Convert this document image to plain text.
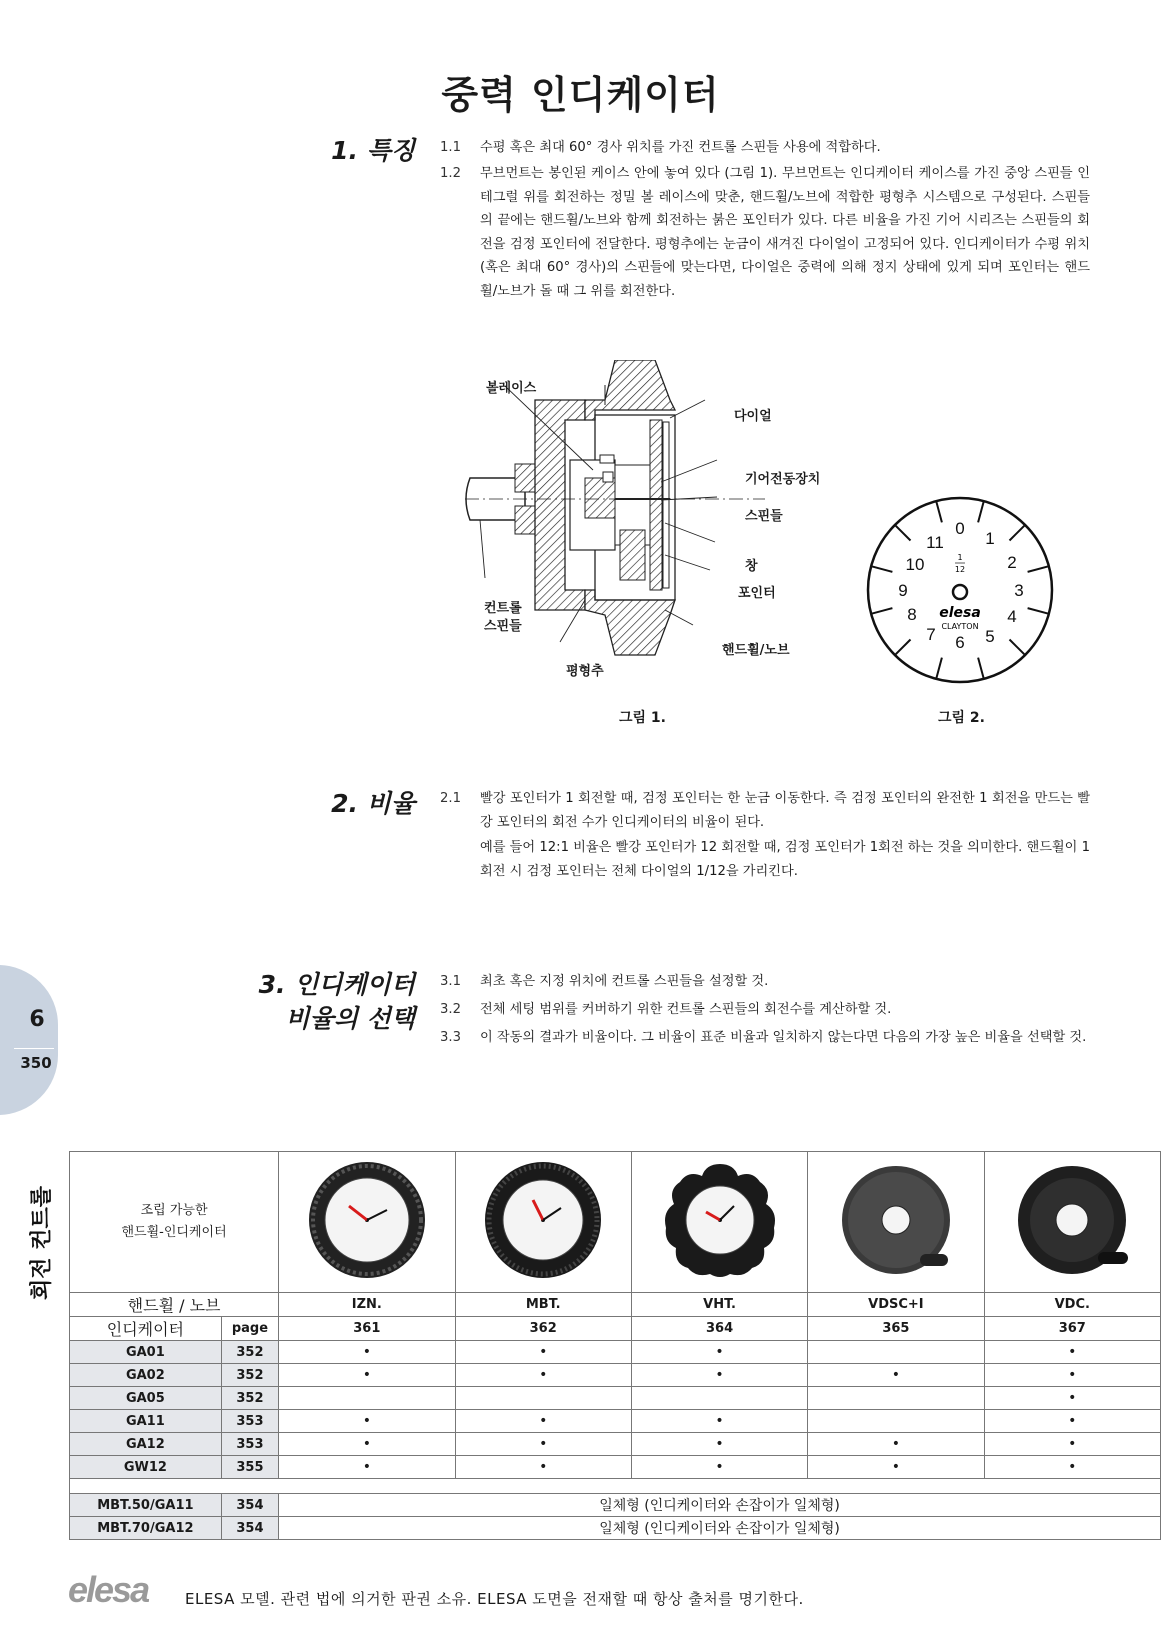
중력 인디케이터
1. 특징 1.1	수평 혹은 최대 60° 경사 위치를 가진 컨트롤 스핀들 사용에 적합하다.
1.2	무브먼트는 봉인된 케이스 안에 놓여 있다 (그림 1). 무브먼트는 인디케이터 케이스를 가진 중앙 스핀들 인테그럴 위를 회전하는 정밀 볼 레이스에 맞춘, 핸드휠/노브에 적합한 평형추 시스템으로 구성된다. 스핀들의 끝에는 핸드휠/노브와 함께 회전하는 붉은 포인터가 있다. 다른 비율을 가진 기어 시리즈는 스핀들의 회전을 검정 포인터에 전달한다. 평형추에는 눈금이 새겨진 다이얼이 고정되어 있다. 인디케이터가 수평 위치 (혹은 최대 60° 경사)의 스핀들에 맞는다면, 다이얼은 중력에 의해 정지 상태에 있게 되며 포인터는 핸드휠/노브가 돌 때 그 위를 회전한다.
볼레이스
다이얼
기어전동장치
스핀들
창
포인터
핸드휠/노브
컨트롤
스핀들
평형추
그림 1.
0
1
2
3
4
5
6
7
8
9
10
11
1
12
elesa
CLAYTON
그림 2.
2. 비율 2.1	빨강 포인터가 1 회전할 때, 검정 포인터는 한 눈금 이동한다. 즉 검정 포인터의 완전한 1 회전을 만드는 빨강 포인터의 회전 수가 인디케이터의 비율이 된다.
예를 들어 12:1 비율은 빨강 포인터가 12 회전할 때, 검정 포인터가 1회전 하는 것을 의미한다. 핸드휠이 1 회전 시 검정 포인터는 전체 다이얼의 1/12을 가리킨다.
3. 인디케이터
비율의 선택
3.1	최초 혹은 지정 위치에 컨트롤 스핀들을 설정할 것.
3.2	전체 세팅 범위를 커버하기 위한 컨트롤 스핀들의 회전수를 계산하할 것.
3.3	이 작동의 결과가 비율이다. 그 비율이 표준 비율과 일치하지 않는다면 다음의 가장 높은 비율을 선택할 것.
6
350
회전 컨트롤	조립 가능한
핸드휠-인디케이터

핸드휠 / 노브		IZN.	MBT.	VHT.	VDSC+I	VDC.
인디케이터	page	361	362	364	365	367
GA01	352	•	•	•		•
GA02	352	•	•	•	•	•
GA05	352					•
GA11	353	•	•	•		•
GA12	353	•	•	•	•	•
GW12	355	•	•	•	•	•

MBT.50/GA11	354	일체형 (인디케이터와 손잡이가 일체형)				
MBT.70/GA12	354	일체형 (인디케이터와 손잡이가 일체형)				
elesa ELESA 모델. 관련 법에 의거한 판권 소유. ELESA 도면을 전재할 때 항상 출처를 명기한다.
